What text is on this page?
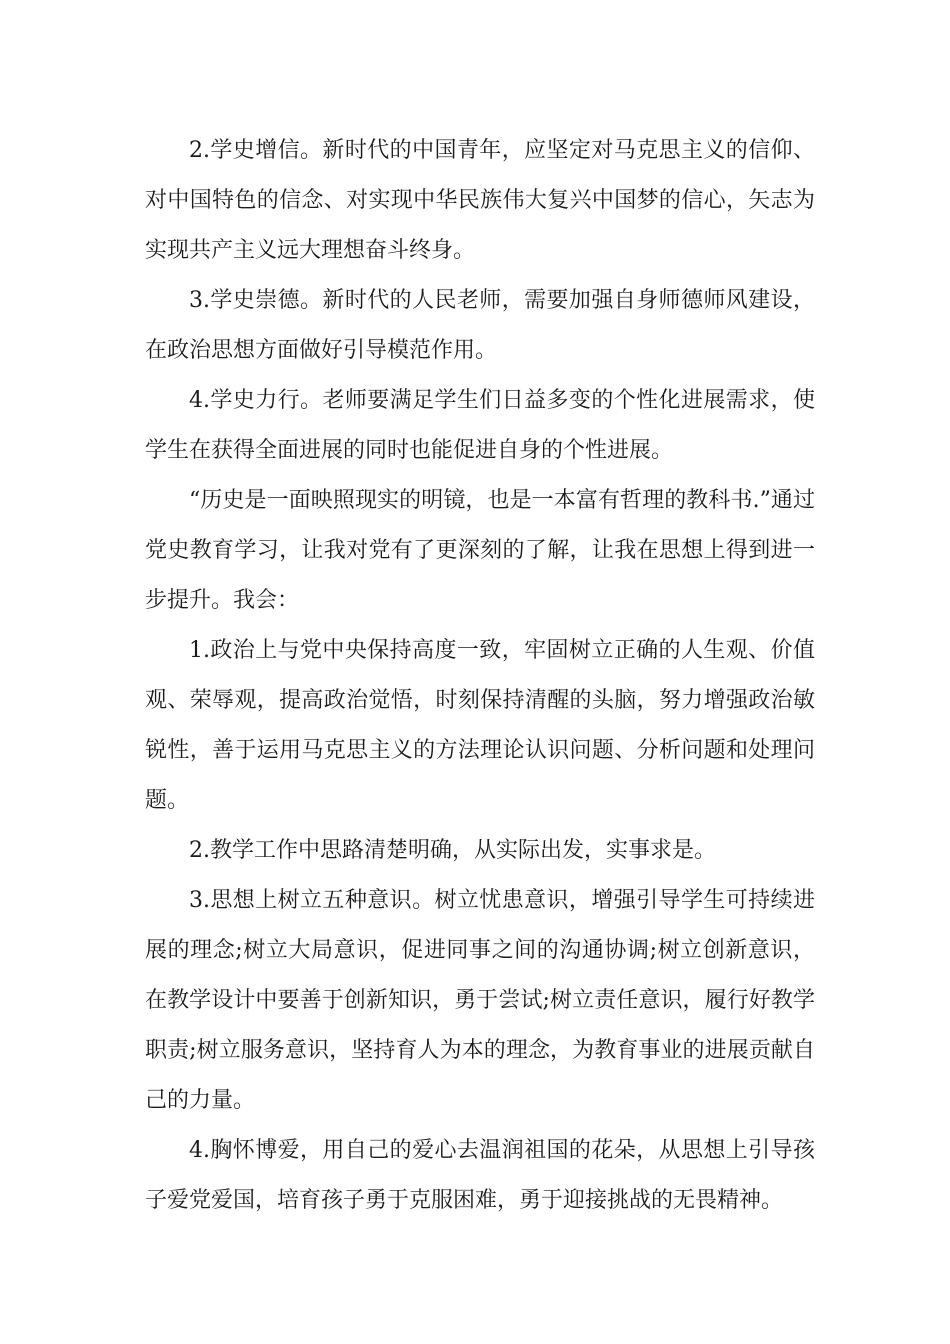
2.学史增信。新时代的中国青年，应坚定对马克思主义的信仰、对中国特色的信念、对实现中华民族伟大复兴中国梦的信心，矢志为实现共产主义远大理想奋斗终身。

3.学史崇德。新时代的人民老师，需要加强自身师德师风建设，在政治思想方面做好引导模范作用。

4.学史力行。老师要满足学生们日益多变的个性化进展需求，使学生在获得全面进展的同时也能促进自身的个性进展。

“历史是一面映照现实的明镜，也是一本富有哲理的教科书.”通过党史教育学习，让我对党有了更深刻的了解，让我在思想上得到进一步提升。我会：

1.政治上与党中央保持高度一致，牢固树立正确的人生观、价值观、荣辱观，提高政治觉悟，时刻保持清醒的头脑，努力增强政治敏锐性，善于运用马克思主义的方法理论认识问题、分析问题和处理问题。

2.教学工作中思路清楚明确，从实际出发，实事求是。

3.思想上树立五种意识。树立忧患意识，增强引导学生可持续进展的理念;树立大局意识，促进同事之间的沟通协调;树立创新意识，在教学设计中要善于创新知识，勇于尝试;树立责任意识，履行好教学职责;树立服务意识，坚持育人为本的理念，为教育事业的进展贡献自己的力量。

4.胸怀博爱，用自己的爱心去温润祖国的花朵，从思想上引导孩子爱党爱国，培育孩子勇于克服困难，勇于迎接挑战的无畏精神。
